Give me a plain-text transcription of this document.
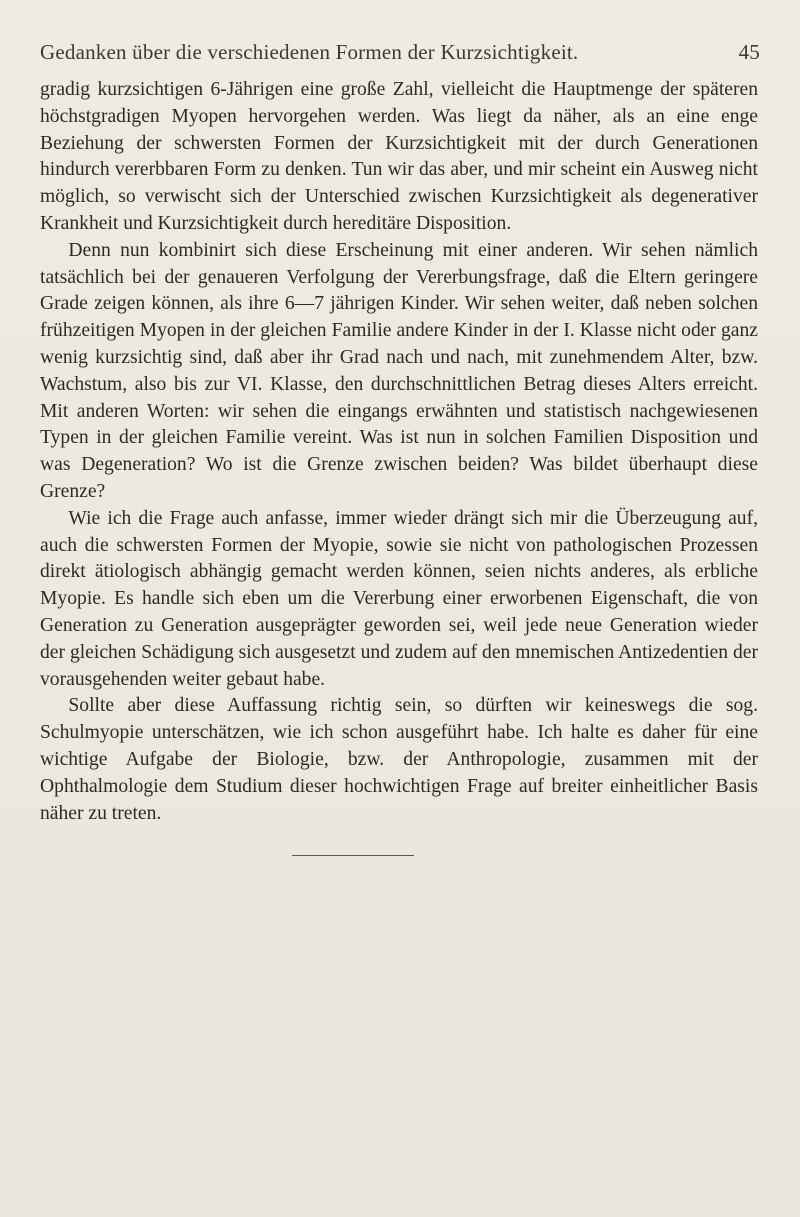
Gedanken über die verschiedenen Formen der Kurzsichtigkeit.	45

gradig kurzsichtigen 6-Jährigen eine große Zahl, vielleicht die Hauptmenge der späteren höchstgradigen Myopen hervorgehen werden. Was liegt da näher, als an eine enge Beziehung der schwersten Formen der Kurzsichtigkeit mit der durch Generationen hindurch vererbbaren Form zu denken. Tun wir das aber, und mir scheint ein Ausweg nicht möglich, so verwischt sich der Unterschied zwischen Kurzsichtigkeit als degenerativer Krankheit und Kurzsichtigkeit durch hereditäre Disposition.

Denn nun kombinirt sich diese Erscheinung mit einer anderen. Wir sehen nämlich tatsächlich bei der genaueren Verfolgung der Vererbungsfrage, daß die Eltern geringere Grade zeigen können, als ihre 6—7 jährigen Kinder. Wir sehen weiter, daß neben solchen frühzeitigen Myopen in der gleichen Familie andere Kinder in der I. Klasse nicht oder ganz wenig kurzsichtig sind, daß aber ihr Grad nach und nach, mit zunehmendem Alter, bzw. Wachstum, also bis zur VI. Klasse, den durchschnittlichen Betrag dieses Alters erreicht. Mit anderen Worten: wir sehen die eingangs erwähnten und statistisch nachgewiesenen Typen in der gleichen Familie vereint. Was ist nun in solchen Familien Disposition und was Degeneration? Wo ist die Grenze zwischen beiden? Was bildet überhaupt diese Grenze?

Wie ich die Frage auch anfasse, immer wieder drängt sich mir die Überzeugung auf, auch die schwersten Formen der Myopie, sowie sie nicht von pathologischen Prozessen direkt ätiologisch abhängig gemacht werden können, seien nichts anderes, als erbliche Myopie. Es handle sich eben um die Vererbung einer erworbenen Eigenschaft, die von Generation zu Generation ausgeprägter geworden sei, weil jede neue Generation wieder der gleichen Schädigung sich ausgesetzt und zudem auf den mnemischen Antizedentien der vorausgehenden weiter gebaut habe.

Sollte aber diese Auffassung richtig sein, so dürften wir keineswegs die sog. Schulmyopie unterschätzen, wie ich schon ausgeführt habe. Ich halte es daher für eine wichtige Aufgabe der Biologie, bzw. der Anthropologie, zusammen mit der Ophthalmologie dem Studium dieser hochwichtigen Frage auf breiter einheitlicher Basis näher zu treten.
